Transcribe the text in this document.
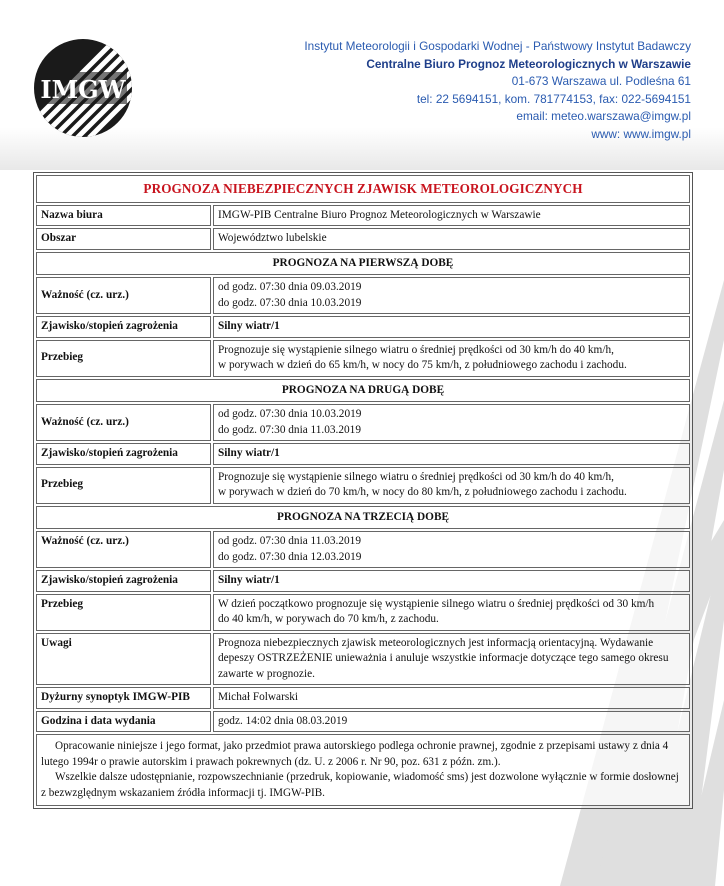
IMGW
Instytut Meteorologii i Gospodarki Wodnej - Państwowy Instytut Badawczy
Centralne Biuro Prognoz Meteorologicznych w Warszawie
01-673 Warszawa ul. Podleśna 61
tel: 22 5694151, kom. 781774153, fax: 022-5694151
email: meteo.warszawa@imgw.pl
www: www.imgw.pl
PROGNOZA NIEBEZPIECZNYCH ZJAWISK METEOROLOGICZNYCH	
Nazwa biura	IMGW-PIB Centralne Biuro Prognoz Meteorologicznych w Warszawie
Obszar	Województwo lubelskie
PROGNOZA NA PIERWSZĄ DOBĘ	
Ważność (cz. urz.)	od godz. 07:30 dnia 09.03.2019
do godz. 07:30 dnia 10.03.2019

Zjawisko/stopień zagrożenia	Silny wiatr/1
Przebieg	Prognozuje się wystąpienie silnego wiatru o średniej prędkości od 30 km/h do 40 km/h,
w porywach w dzień do 65 km/h, w nocy do 75 km/h, z południowego zachodu i zachodu.

PROGNOZA NA DRUGĄ DOBĘ	
Ważność (cz. urz.)	od godz. 07:30 dnia 10.03.2019
do godz. 07:30 dnia 11.03.2019

Zjawisko/stopień zagrożenia	Silny wiatr/1
Przebieg	Prognozuje się wystąpienie silnego wiatru o średniej prędkości od 30 km/h do 40 km/h,
w porywach w dzień do 70 km/h, w nocy do 80 km/h, z południowego zachodu i zachodu.

PROGNOZA NA TRZECIĄ DOBĘ	
Ważność (cz. urz.)	od godz. 07:30 dnia 11.03.2019
do godz. 07:30 dnia 12.03.2019

Zjawisko/stopień zagrożenia	Silny wiatr/1
Przebieg	W dzień początkowo prognozuje się wystąpienie silnego wiatru o średniej prędkości od 30 km/h
do 40 km/h, w porywach do 70 km/h, z zachodu.

Uwagi	Prognoza niebezpiecznych zjawisk meteorologicznych jest informacją orientacyjną. Wydawanie depeszy OSTRZEŻENIE unieważnia i anuluje wszystkie informacje dotyczące tego samego okresu zawarte w prognozie.
Dyżurny synoptyk IMGW-PIB	Michał Folwarski
Godzina i data wydania	godz. 14:02 dnia 08.03.2019

Opracowanie niniejsze i jego format, jako przedmiot prawa autorskiego podlega ochronie prawnej, zgodnie z przepisami ustawy z dnia 4 lutego 1994r o prawie autorskim i prawach pokrewnych (dz. U. z 2006 r. Nr 90, poz. 631 z późn. zm.).
Wszelkie dalsze udostępnianie, rozpowszechnianie (przedruk, kopiowanie, wiadomość sms) jest dozwolone wyłącznie w formie dosłownej z bezwzględnym wskazaniem źródła informacji tj. IMGW-PIB.	
